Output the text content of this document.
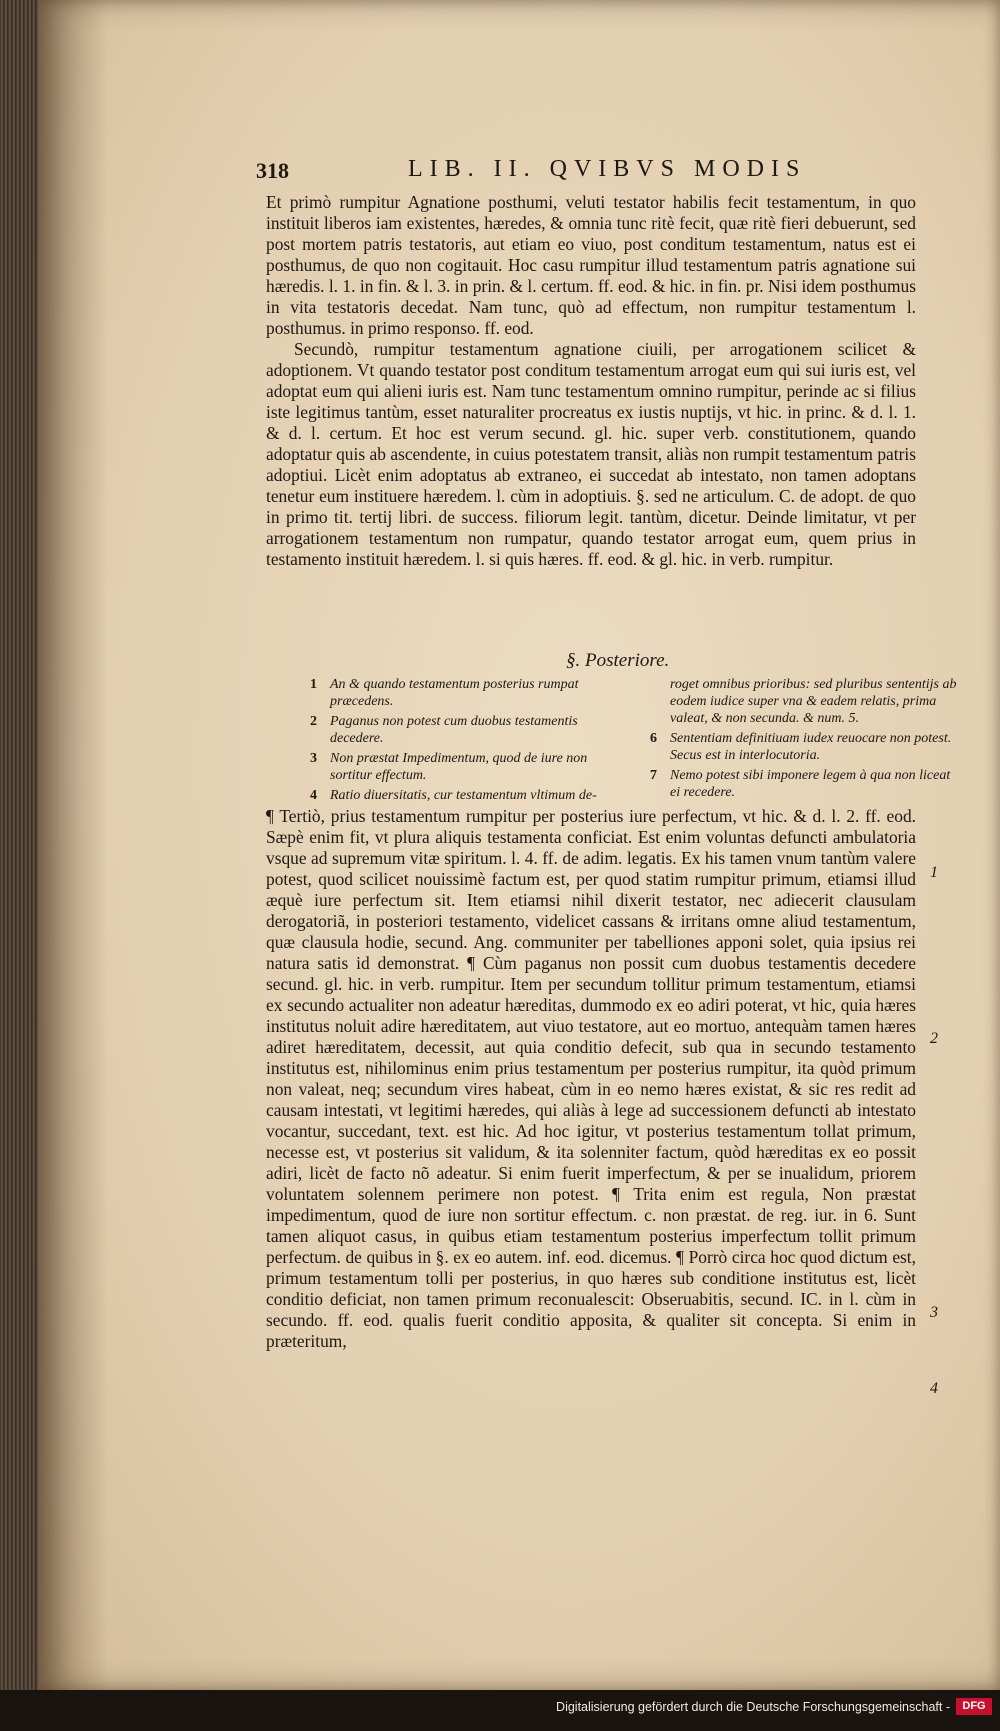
318	LIB. II. QVIBVS MODIS

Et primò rumpitur Agnatione posthumi, veluti testator habilis fecit testamentum, in quo instituit liberos iam existentes, hæredes, & omnia tunc ritè fecit, quæ ritè fieri debuerunt, sed post mortem patris testatoris, aut etiam eo viuo, post conditum testamentum, natus est ei posthumus, de quo non cogitauit. Hoc casu rumpitur illud testamentum patris agnatione sui hæredis. l. 1. in fin. & l. 3. in prin. & l. certum. ff. eod. & hic. in fin. pr. Nisi idem posthumus in vita testatoris decedat. Nam tunc, quò ad effectum, non rumpitur testamentum l. posthumus. in primo responso. ff. eod.

Secundò, rumpitur testamentum agnatione ciuili, per arrogationem scilicet & adoptionem. Vt quando testator post conditum testamentum arrogat eum qui sui iuris est, vel adoptat eum qui alieni iuris est. Nam tunc testamentum omnino rumpitur, perinde ac si filius iste legitimus tantùm, esset naturaliter procreatus ex iustis nuptijs, vt hic. in princ. & d. l. 1. & d. l. certum. Et hoc est verum secund. gl. hic. super verb. constitutionem, quando adoptatur quis ab ascendente, in cuius potestatem transit, aliàs non rumpit testamentum patris adoptiui. Licèt enim adoptatus ab extraneo, ei succedat ab intestato, non tamen adoptans tenetur eum instituere hæredem. l. cùm in adoptiuis. §. sed ne articulum. C. de adopt. de quo in primo tit. tertij libri. de success. filiorum legit. tantùm, dicetur. Deinde limitatur, vt per arrogationem testamentum non rumpatur, quando testator arrogat eum, quem prius in testamento instituit hæredem. l. si quis hæres. ff. eod. & gl. hic. in verb. rumpitur.

§. Posteriore.
1 An & quando testamentum posterius rumpat præcedens.
2 Paganus non potest cum duobus testamentis decedere.
3 Non præstat Impedimentum, quod de iure non sortitur effectum.
4 Ratio diuersitatis, cur testamentum vltimum de-
roget omnibus prioribus: sed pluribus sententijs ab eodem iudice super vna & eadem relatis, prima valeat, & non secunda. & num. 5.
6 Sententiam definitiuam iudex reuocare non potest. Secus est in interlocutoria.
7 Nemo potest sibi imponere legem à qua non liceat ei recedere.

¶ Tertiò, prius testamentum rumpitur per posterius iure perfectum, vt hic. & d. l. 2. ff. eod. Sæpè enim fit, vt plura aliquis testamenta conficiat. Est enim voluntas defuncti ambulatoria vsque ad supremum vitæ spiritum. l. 4. ff. de adim. legatis. Ex his tamen vnum tantùm valere potest, quod scilicet nouissimè factum est, per quod statim rumpitur primum, etiamsi illud æquè iure perfectum sit. Item etiamsi nihil dixerit testator, nec adiecerit clausulam derogatoriã, in posteriori testamento, videlicet cassans & irritans omne aliud testamentum, quæ clausula hodie, secund. Ang. communiter per tabelliones apponi solet, quia ipsius rei natura satis id demonstrat. ¶ Cùm paganus non possit cum duobus testamentis decedere secund. gl. hic. in verb. rumpitur. Item per secundum tollitur primum testamentum, etiamsi ex secundo actualiter non adeatur hæreditas, dummodo ex eo adiri poterat, vt hic, quia hæres institutus noluit adire hæreditatem, aut viuo testatore, aut eo mortuo, antequàm tamen hæres adiret hæreditatem, decessit, aut quia conditio defecit, sub qua in secundo testamento institutus est, nihilominus enim prius testamentum per posterius rumpitur, ita quòd primum non valeat, neq; secundum vires habeat, cùm in eo nemo hæres existat, & sic res redit ad causam intestati, vt legitimi hæredes, qui aliàs à lege ad successionem defuncti ab intestato vocantur, succedant, text. est hic. Ad hoc igitur, vt posterius testamentum tollat primum, necesse est, vt posterius sit validum, & ita solenniter factum, quòd hæreditas ex eo possit adiri, licèt de facto nõ adeatur. Si enim fuerit imperfectum, & per se inualidum, priorem voluntatem solennem perimere non potest. ¶ Trita enim est regula, Non præstat impedimentum, quod de iure non sortitur effectum. c. non præstat. de reg. iur. in 6. Sunt tamen aliquot casus, in quibus etiam testamentum posterius imperfectum tollit primum perfectum. de quibus in §. ex eo autem. inf. eod. dicemus. ¶ Porrò circa hoc quod dictum est, primum testamentum tolli per posterius, in quo hæres sub conditione institutus est, licèt conditio deficiat, non tamen primum reconualescit: Obseruabitis, secund. IC. in l. cùm in secundo. ff. eod. qualis fuerit conditio apposita, & qualiter sit concepta. Si enim in præteritum,

1
2
3
4
Digitalisierung gefördert durch die Deutsche Forschungsgemeinschaft -	DFG
